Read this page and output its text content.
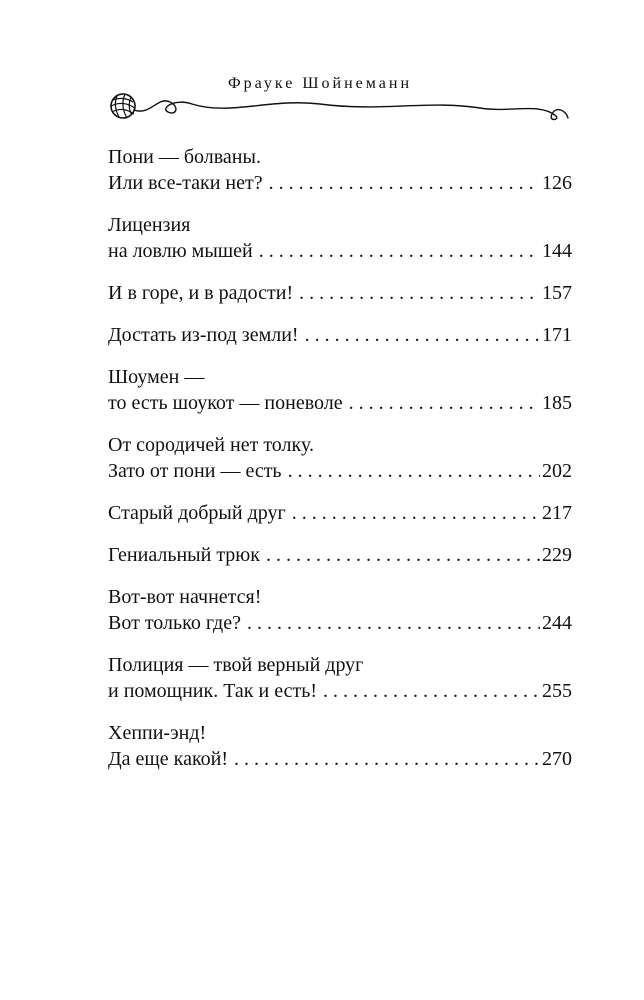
Фрауке Шойнеманн
Пони — болваны.
Или все-таки нет? . . .	126
Лицензия
на ловлю мышей . . .	144
И в горе, и в радости! . . .	157
Достать из-под земли! . . .	171
Шоумен —
то есть шоукот — поневоле . . .	185
От сородичей нет толку.
Зато от пони — есть . . .	202
Старый добрый друг . . .	217
Гениальный трюк . . .	229
Вот-вот начнется!
Вот только где? . . .	244
Полиция — твой верный друг
и помощник. Так и есть! . . .	255
Хеппи-энд!
Да еще какой! . . .	270
